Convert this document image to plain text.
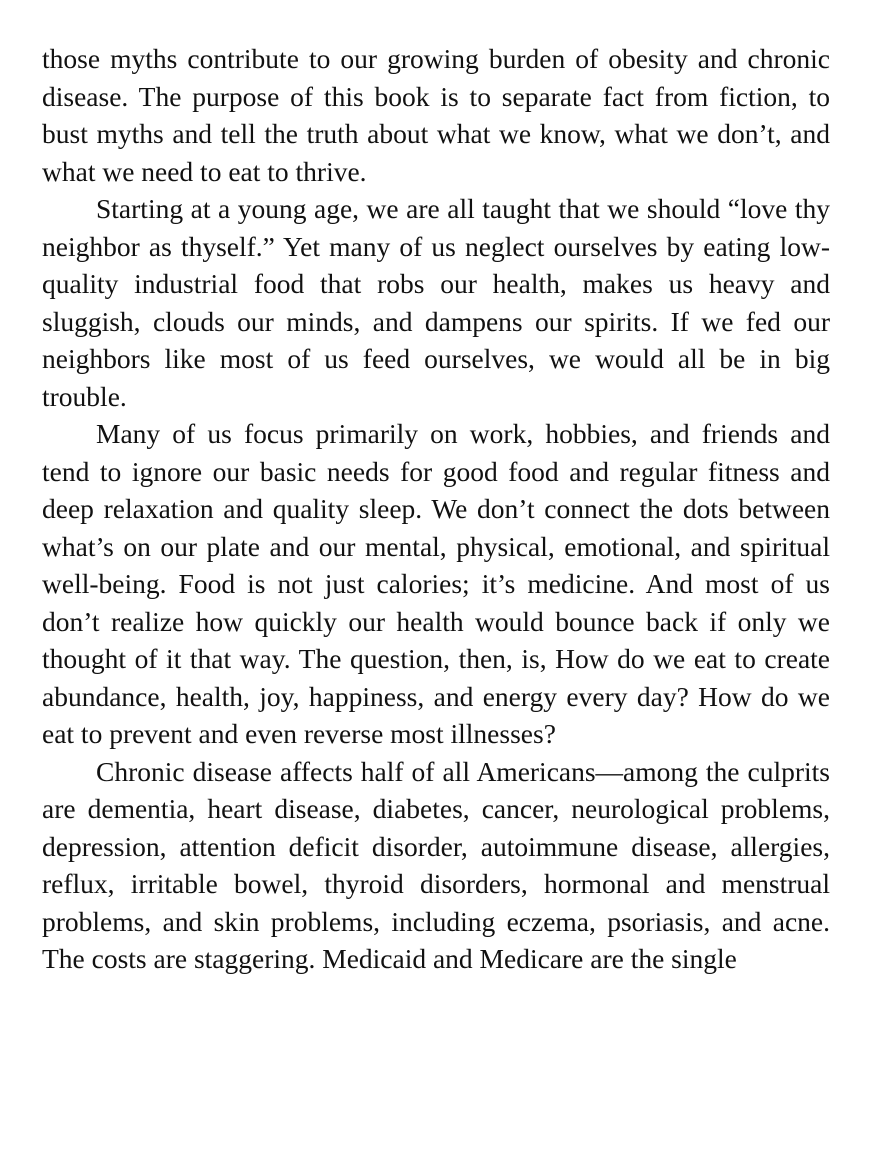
those myths contribute to our growing burden of obesity and chronic disease. The purpose of this book is to separate fact from fiction, to bust myths and tell the truth about what we know, what we don’t, and what we need to eat to thrive.

Starting at a young age, we are all taught that we should “love thy neighbor as thyself.” Yet many of us neglect ourselves by eating low-quality industrial food that robs our health, makes us heavy and sluggish, clouds our minds, and dampens our spirits. If we fed our neighbors like most of us feed ourselves, we would all be in big trouble.

Many of us focus primarily on work, hobbies, and friends and tend to ignore our basic needs for good food and regular fitness and deep relaxation and quality sleep. We don’t connect the dots between what’s on our plate and our mental, physical, emotional, and spiritual well-being. Food is not just calories; it’s medicine. And most of us don’t realize how quickly our health would bounce back if only we thought of it that way. The question, then, is, How do we eat to create abundance, health, joy, happiness, and energy every day? How do we eat to prevent and even reverse most illnesses?

Chronic disease affects half of all Americans—among the culprits are dementia, heart disease, diabetes, cancer, neurological problems, depression, attention deficit disorder, autoimmune disease, allergies, reflux, irritable bowel, thyroid disorders, hormonal and menstrual problems, and skin problems, including eczema, psoriasis, and acne. The costs are staggering. Medicaid and Medicare are the single
